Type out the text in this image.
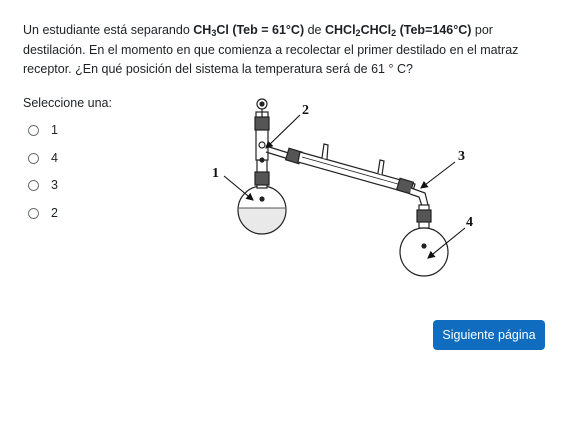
Un estudiante está separando $CH_3Cl$ (Teb = 61°C) de CHCl$_2$CHCl$_2$ (Teb=146°C) por destilación. En el momento en que comienza a recolectar el primer destilado en el matraz receptor. ¿En qué posición del sistema la temperatura será de 61 ° C?
Seleccione una:
1
4
3
2
1
2
3
4
Siguiente página
